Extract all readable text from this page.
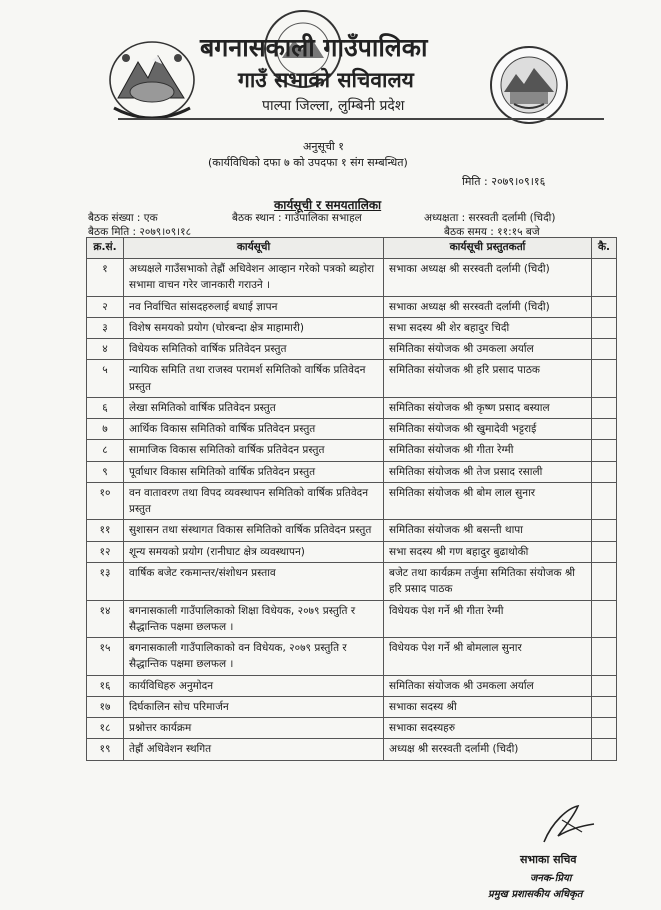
बगनासकाली गाउँपालिका
गाउँ सभाको सचिवालय
पाल्पा जिल्ला, लुम्बिनी प्रदेश
अनुसूची १
(कार्यविधिको दफा ७ को उपदफा १ संग सम्बन्धित)
मिति : २०७९।०९।१६
कार्यसूची र समयतालिका
बैठक संख्या : एक	बैठक स्थान : गाउँपालिका सभाहल	अध्यक्षता : सरस्वती दर्लामी (चिदी)
बैठक मिति : २०७९।०९।१८	बैठक समय : ११:१५ बजे
क्र.सं.	कार्यसूची	कार्यसूची प्रस्तुतकर्ता	कै.
१	अध्यक्षले गाउँसभाको तेह्रौं अधिवेशन आव्हान गरेको पत्रको ब्यहोरा सभामा वाचन गरेर जानकारी गराउने ।	सभाका अध्यक्ष श्री सरस्वती दर्लामी (चिदी)	
२	नव निर्वाचित सांसदहरुलाई बधाई ज्ञापन	सभाका अध्यक्ष श्री सरस्वती दर्लामी (चिदी)	
३	विशेष समयको प्रयोग (घोरबन्दा क्षेत्र माहामारी)	सभा सदस्य श्री शेर बहादुर चिदी	
४	विधेयक समितिको वार्षिक प्रतिवेदन प्रस्तुत	समितिका संयोजक श्री उमकला अर्याल	
५	न्यायिक समिति तथा राजस्व परामर्श समितिको वार्षिक प्रतिवेदन प्रस्तुत	समितिका संयोजक श्री हरि प्रसाद पाठक	
६	लेखा समितिको वार्षिक प्रतिवेदन प्रस्तुत	समितिका संयोजक श्री कृष्ण प्रसाद बस्याल	
७	आर्थिक विकास समितिको वार्षिक प्रतिवेदन प्रस्तुत	समितिका संयोजक श्री खुमादेवी भट्टराई	
८	सामाजिक विकास समितिको वार्षिक प्रतिवेदन प्रस्तुत	समितिका संयोजक श्री गीता रेग्मी	
९	पूर्वाधार विकास समितिको वार्षिक प्रतिवेदन प्रस्तुत	समितिका संयोजक श्री तेज प्रसाद रसाली	
१०	वन वातावरण तथा विपद व्यवस्थापन समितिको वार्षिक प्रतिवेदन प्रस्तुत	समितिका संयोजक श्री बोम लाल सुनार	
११	सुशासन तथा संस्थागत विकास समितिको वार्षिक प्रतिवेदन प्रस्तुत	समितिका संयोजक श्री बसन्ती थापा	
१२	शून्य समयको प्रयोग (रानीघाट क्षेत्र व्यवस्थापन)	सभा सदस्य श्री गण बहादुर बुढाथोकी	
१३	वार्षिक बजेट रकमान्तर/संशोधन प्रस्ताव	बजेट तथा कार्यक्रम तर्जुमा समितिका संयोजक श्री हरि प्रसाद पाठक	
१४	बगनासकाली गाउँपालिकाको शिक्षा विधेयक, २०७९ प्रस्तुति र सैद्धान्तिक पक्षमा छलफल ।	विधेयक पेश गर्ने श्री गीता रेग्मी	
१५	बगनासकाली गाउँपालिकाको वन विधेयक, २०७९ प्रस्तुति र सैद्धान्तिक पक्षमा छलफल ।	विधेयक पेश गर्ने श्री बोमलाल सुनार	
१६	कार्यविधिहरु अनुमोदन	समितिका संयोजक श्री उमकला अर्याल	
१७	दिर्घकालिन सोच परिमार्जन	सभाका सदस्य श्री	
१८	प्रश्नोत्तर कार्यक्रम	सभाका सदस्यहरु	
१९	तेह्रौं अधिवेशन स्थगित	अध्यक्ष श्री सरस्वती दर्लामी (चिदी)	
सभाका सचिव
जनक-प्रिया
प्रमुख प्रशासकीय अधिकृत
